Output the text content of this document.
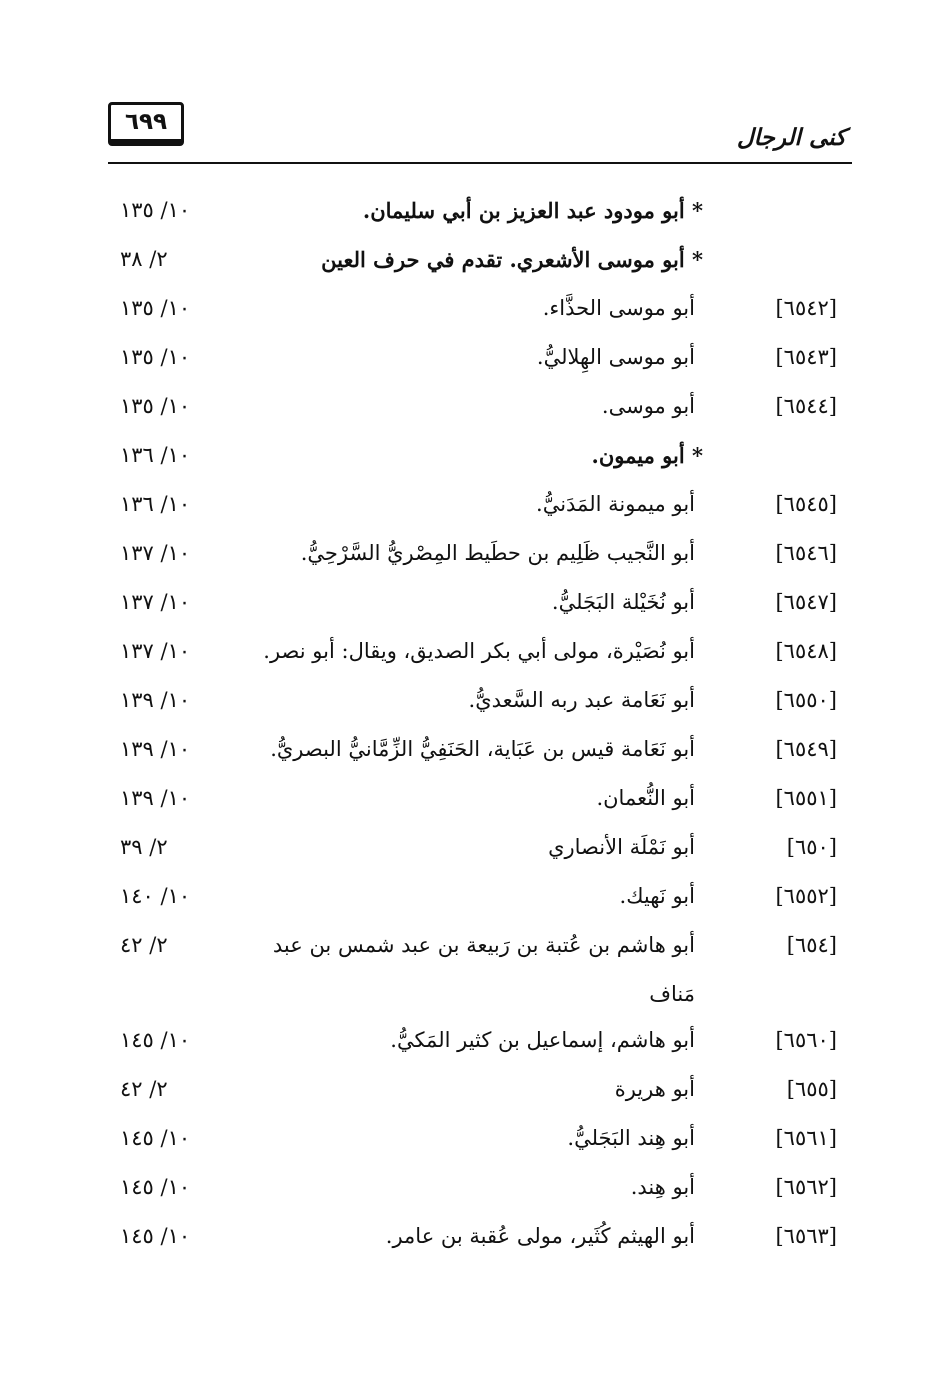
٦٩٩
كنى الرجال
* أبو مودود عبد العزيز بن أبي سليمان.
١٠/ ١٣٥
* أبو موسى الأشعري. تقدم في حرف العين
٢/ ٣٨
[٦٥٤٢]
أبو موسى الحذَّاء.
١٠/ ١٣٥
[٦٥٤٣]
أبو موسى الهِلاليُّ.
١٠/ ١٣٥
[٦٥٤٤]
أبو موسى.
١٠/ ١٣٥
* أبو ميمون.
١٠/ ١٣٦
[٦٥٤٥]
أبو ميمونة المَدَنيُّ.
١٠/ ١٣٦
[٦٥٤٦]
أبو النَّجيب ظَلِيم بن حطَيط المِصْريُّ السَّرْحِيُّ.
١٠/ ١٣٧
[٦٥٤٧]
أبو نُخَيْلة البَجَليُّ.
١٠/ ١٣٧
[٦٥٤٨]
أبو نُصَيْرة، مولى أبي بكر الصديق، ويقال: أبو نصر.
١٠/ ١٣٧
[٦٥٥٠]
أبو نَعَامة عبد ربه السَّعديُّ.
١٠/ ١٣٩
[٦٥٤٩]
أبو نَعَامة قيس بن عَبَاية، الحَنَفِيُّ الزِّمَّانيُّ البصريُّ.
١٠/ ١٣٩
[٦٥٥١]
أبو النُّعمان.
١٠/ ١٣٩
[٦٥٠]
أبو نَمْلَة الأنصاري
٢/ ٣٩
[٦٥٥٢]
أبو نَهيك.
١٠/ ١٤٠
[٦٥٤]
أبو هاشم بن عُتبة بن رَبيعة بن عبد شمس بن عبد
٢/ ٤٢
مَناف
[٦٥٦٠]
أبو هاشم، إسماعيل بن كثير المَكيُّ.
١٠/ ١٤٥
[٦٥٥]
أبو هريرة
٢/ ٤٢
[٦٥٦١]
أبو هِند البَجَليُّ.
١٠/ ١٤٥
[٦٥٦٢]
أبو هِند.
١٠/ ١٤٥
[٦٥٦٣]
أبو الهيثم كُثَير، مولى عُقبة بن عامر.
١٠/ ١٤٥
